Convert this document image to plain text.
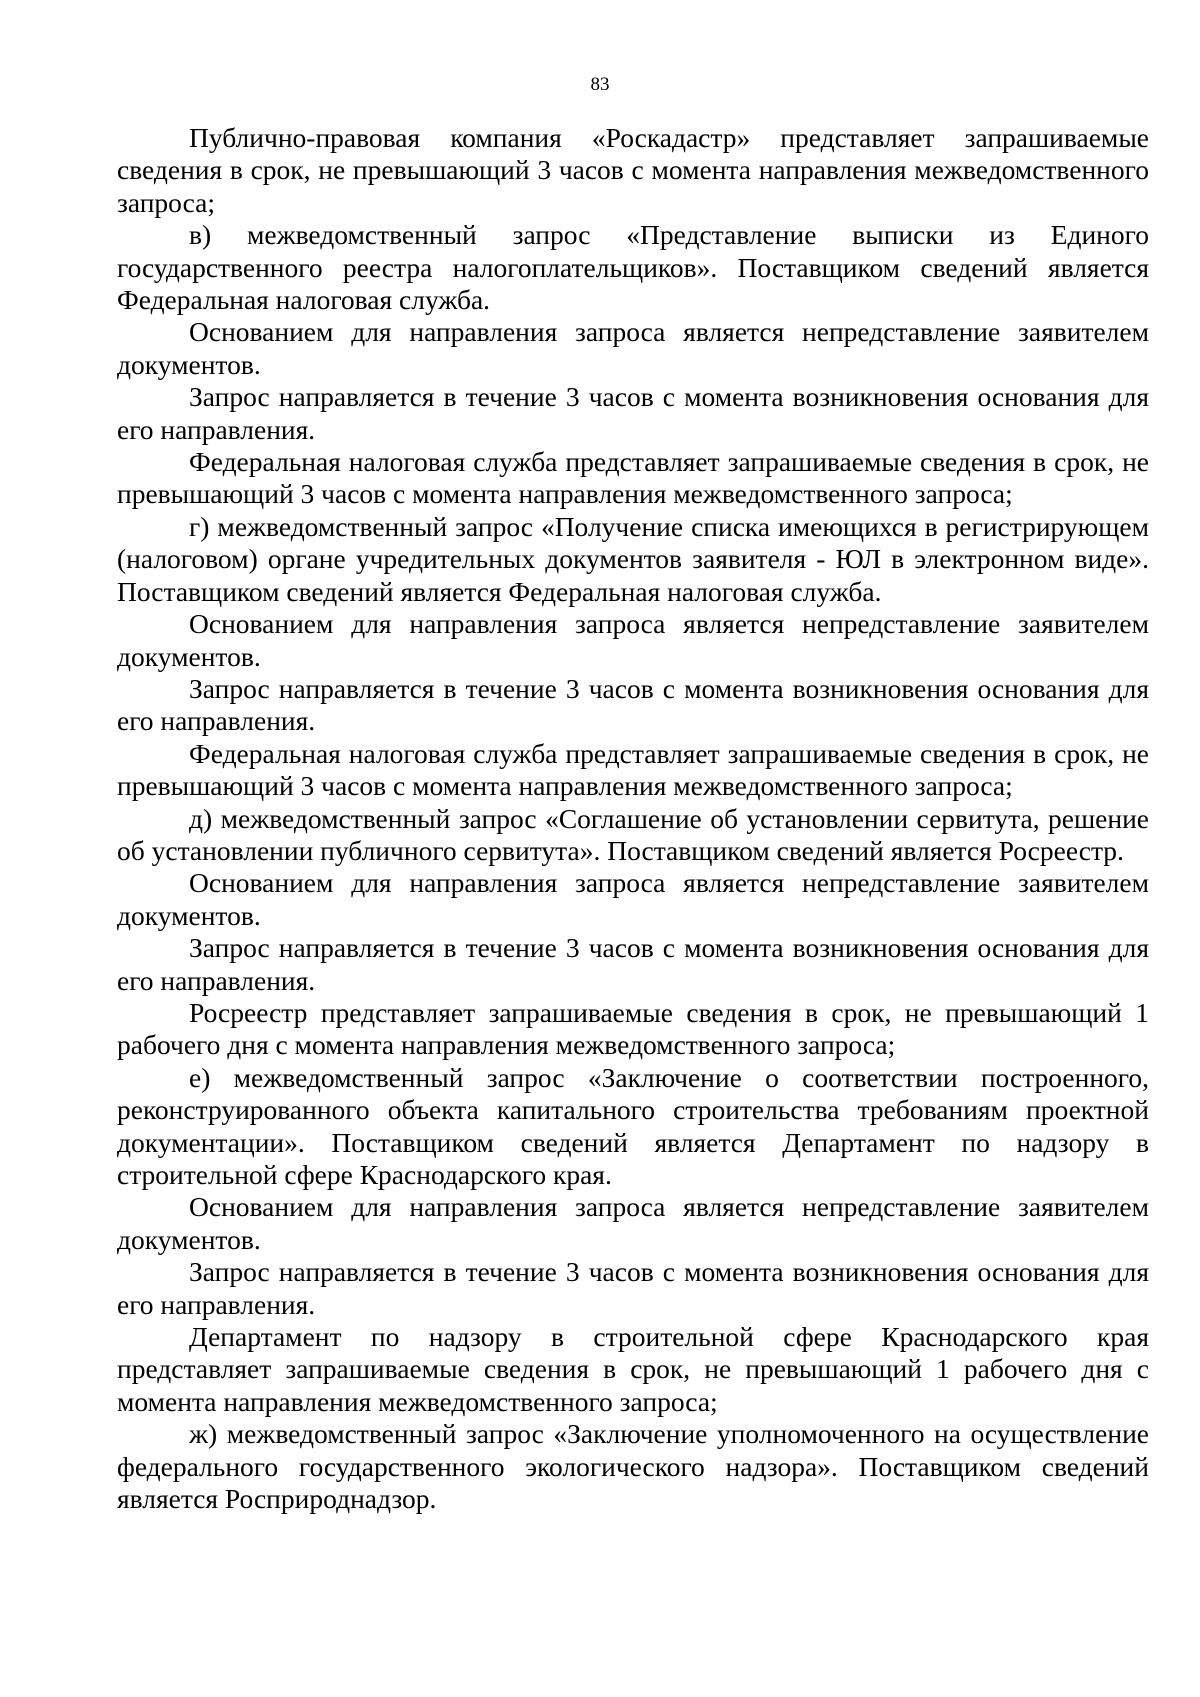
83

Публично-правовая компания «Роскадастр» представляет запрашиваемые сведения в срок, не превышающий 3 часов с момента направления межведомственного запроса;

в) межведомственный запрос «Представление выписки из Единого государственного реестра налогоплательщиков». Поставщиком сведений является Федеральная налоговая служба.

Основанием для направления запроса является непредставление заявителем документов.

Запрос направляется в течение 3 часов с момента возникновения основания для его направления.

Федеральная налоговая служба представляет запрашиваемые сведения в срок, не превышающий 3 часов с момента направления межведомственного запроса;

г) межведомственный запрос «Получение списка имеющихся в регистрирующем (налоговом) органе учредительных документов заявителя - ЮЛ в электронном виде». Поставщиком сведений является Федеральная налоговая служба.

Основанием для направления запроса является непредставление заявителем документов.

Запрос направляется в течение 3 часов с момента возникновения основания для его направления.

Федеральная налоговая служба представляет запрашиваемые сведения в срок, не превышающий 3 часов с момента направления межведомственного запроса;

д) межведомственный запрос «Соглашение об установлении сервитута, решение об установлении публичного сервитута». Поставщиком сведений является Росреестр.

Основанием для направления запроса является непредставление заявителем документов.

Запрос направляется в течение 3 часов с момента возникновения основания для его направления.

Росреестр представляет запрашиваемые сведения в срок, не превышающий 1 рабочего дня с момента направления межведомственного запроса;

е) межведомственный запрос «Заключение о соответствии построенного, реконструированного объекта капитального строительства требованиям проектной документации». Поставщиком сведений является Департамент по надзору в строительной сфере Краснодарского края.

Основанием для направления запроса является непредставление заявителем документов.

Запрос направляется в течение 3 часов с момента возникновения основания для его направления.

Департамент по надзору в строительной сфере Краснодарского края представляет запрашиваемые сведения в срок, не превышающий 1 рабочего дня с момента направления межведомственного запроса;

ж) межведомственный запрос «Заключение уполномоченного на осуществление федерального государственного экологического надзора». Поставщиком сведений является Росприроднадзор.
